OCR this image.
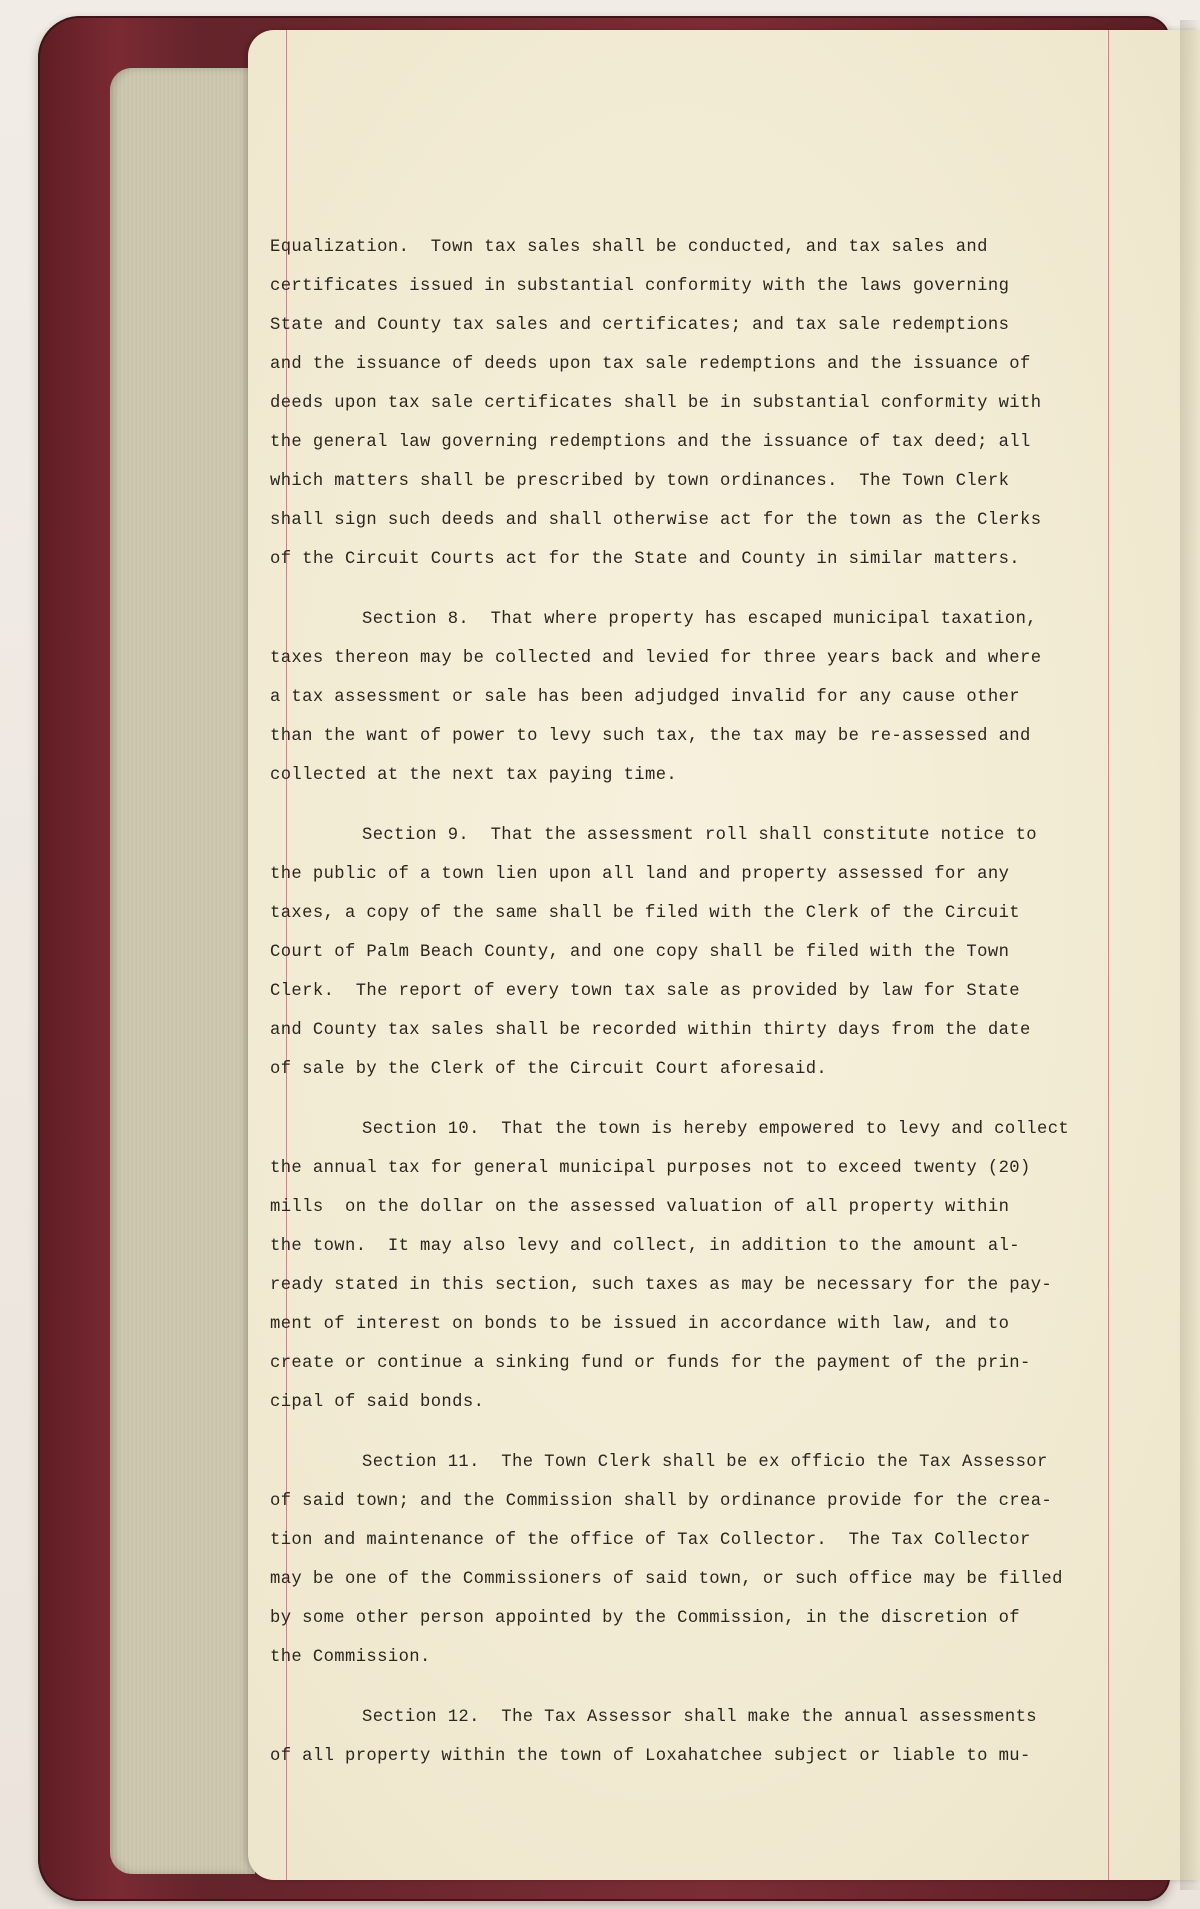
Equalization.  Town tax sales shall be conducted, and tax sales and
certificates issued in substantial conformity with the laws governing
State and County tax sales and certificates; and tax sale redemptions
and the issuance of deeds upon tax sale redemptions and the issuance of
deeds upon tax sale certificates shall be in substantial conformity with
the general law governing redemptions and the issuance of tax deed; all
which matters shall be prescribed by town ordinances.  The Town Clerk
shall sign such deeds and shall otherwise act for the town as the Clerks
of the Circuit Courts act for the State and County in similar matters.
Section 8.  That where property has escaped municipal taxation,
taxes thereon may be collected and levied for three years back and where
a tax assessment or sale has been adjudged invalid for any cause other
than the want of power to levy such tax, the tax may be re-assessed and
collected at the next tax paying time.
Section 9.  That the assessment roll shall constitute notice to
the public of a town lien upon all land and property assessed for any
taxes, a copy of the same shall be filed with the Clerk of the Circuit
Court of Palm Beach County, and one copy shall be filed with the Town
Clerk.  The report of every town tax sale as provided by law for State
and County tax sales shall be recorded within thirty days from the date
of sale by the Clerk of the Circuit Court aforesaid.
Section 10.  That the town is hereby empowered to levy and collect
the annual tax for general municipal purposes not to exceed twenty (20)
mills  on the dollar on the assessed valuation of all property within
the town.  It may also levy and collect, in addition to the amount al-
ready stated in this section, such taxes as may be necessary for the pay-
ment of interest on bonds to be issued in accordance with law, and to
create or continue a sinking fund or funds for the payment of the prin-
cipal of said bonds.
Section 11.  The Town Clerk shall be ex officio the Tax Assessor
of said town; and the Commission shall by ordinance provide for the crea-
tion and maintenance of the office of Tax Collector.  The Tax Collector
may be one of the Commissioners of said town, or such office may be filled
by some other person appointed by the Commission, in the discretion of
the Commission.
Section 12.  The Tax Assessor shall make the annual assessments
of all property within the town of Loxahatchee subject or liable to mu-
